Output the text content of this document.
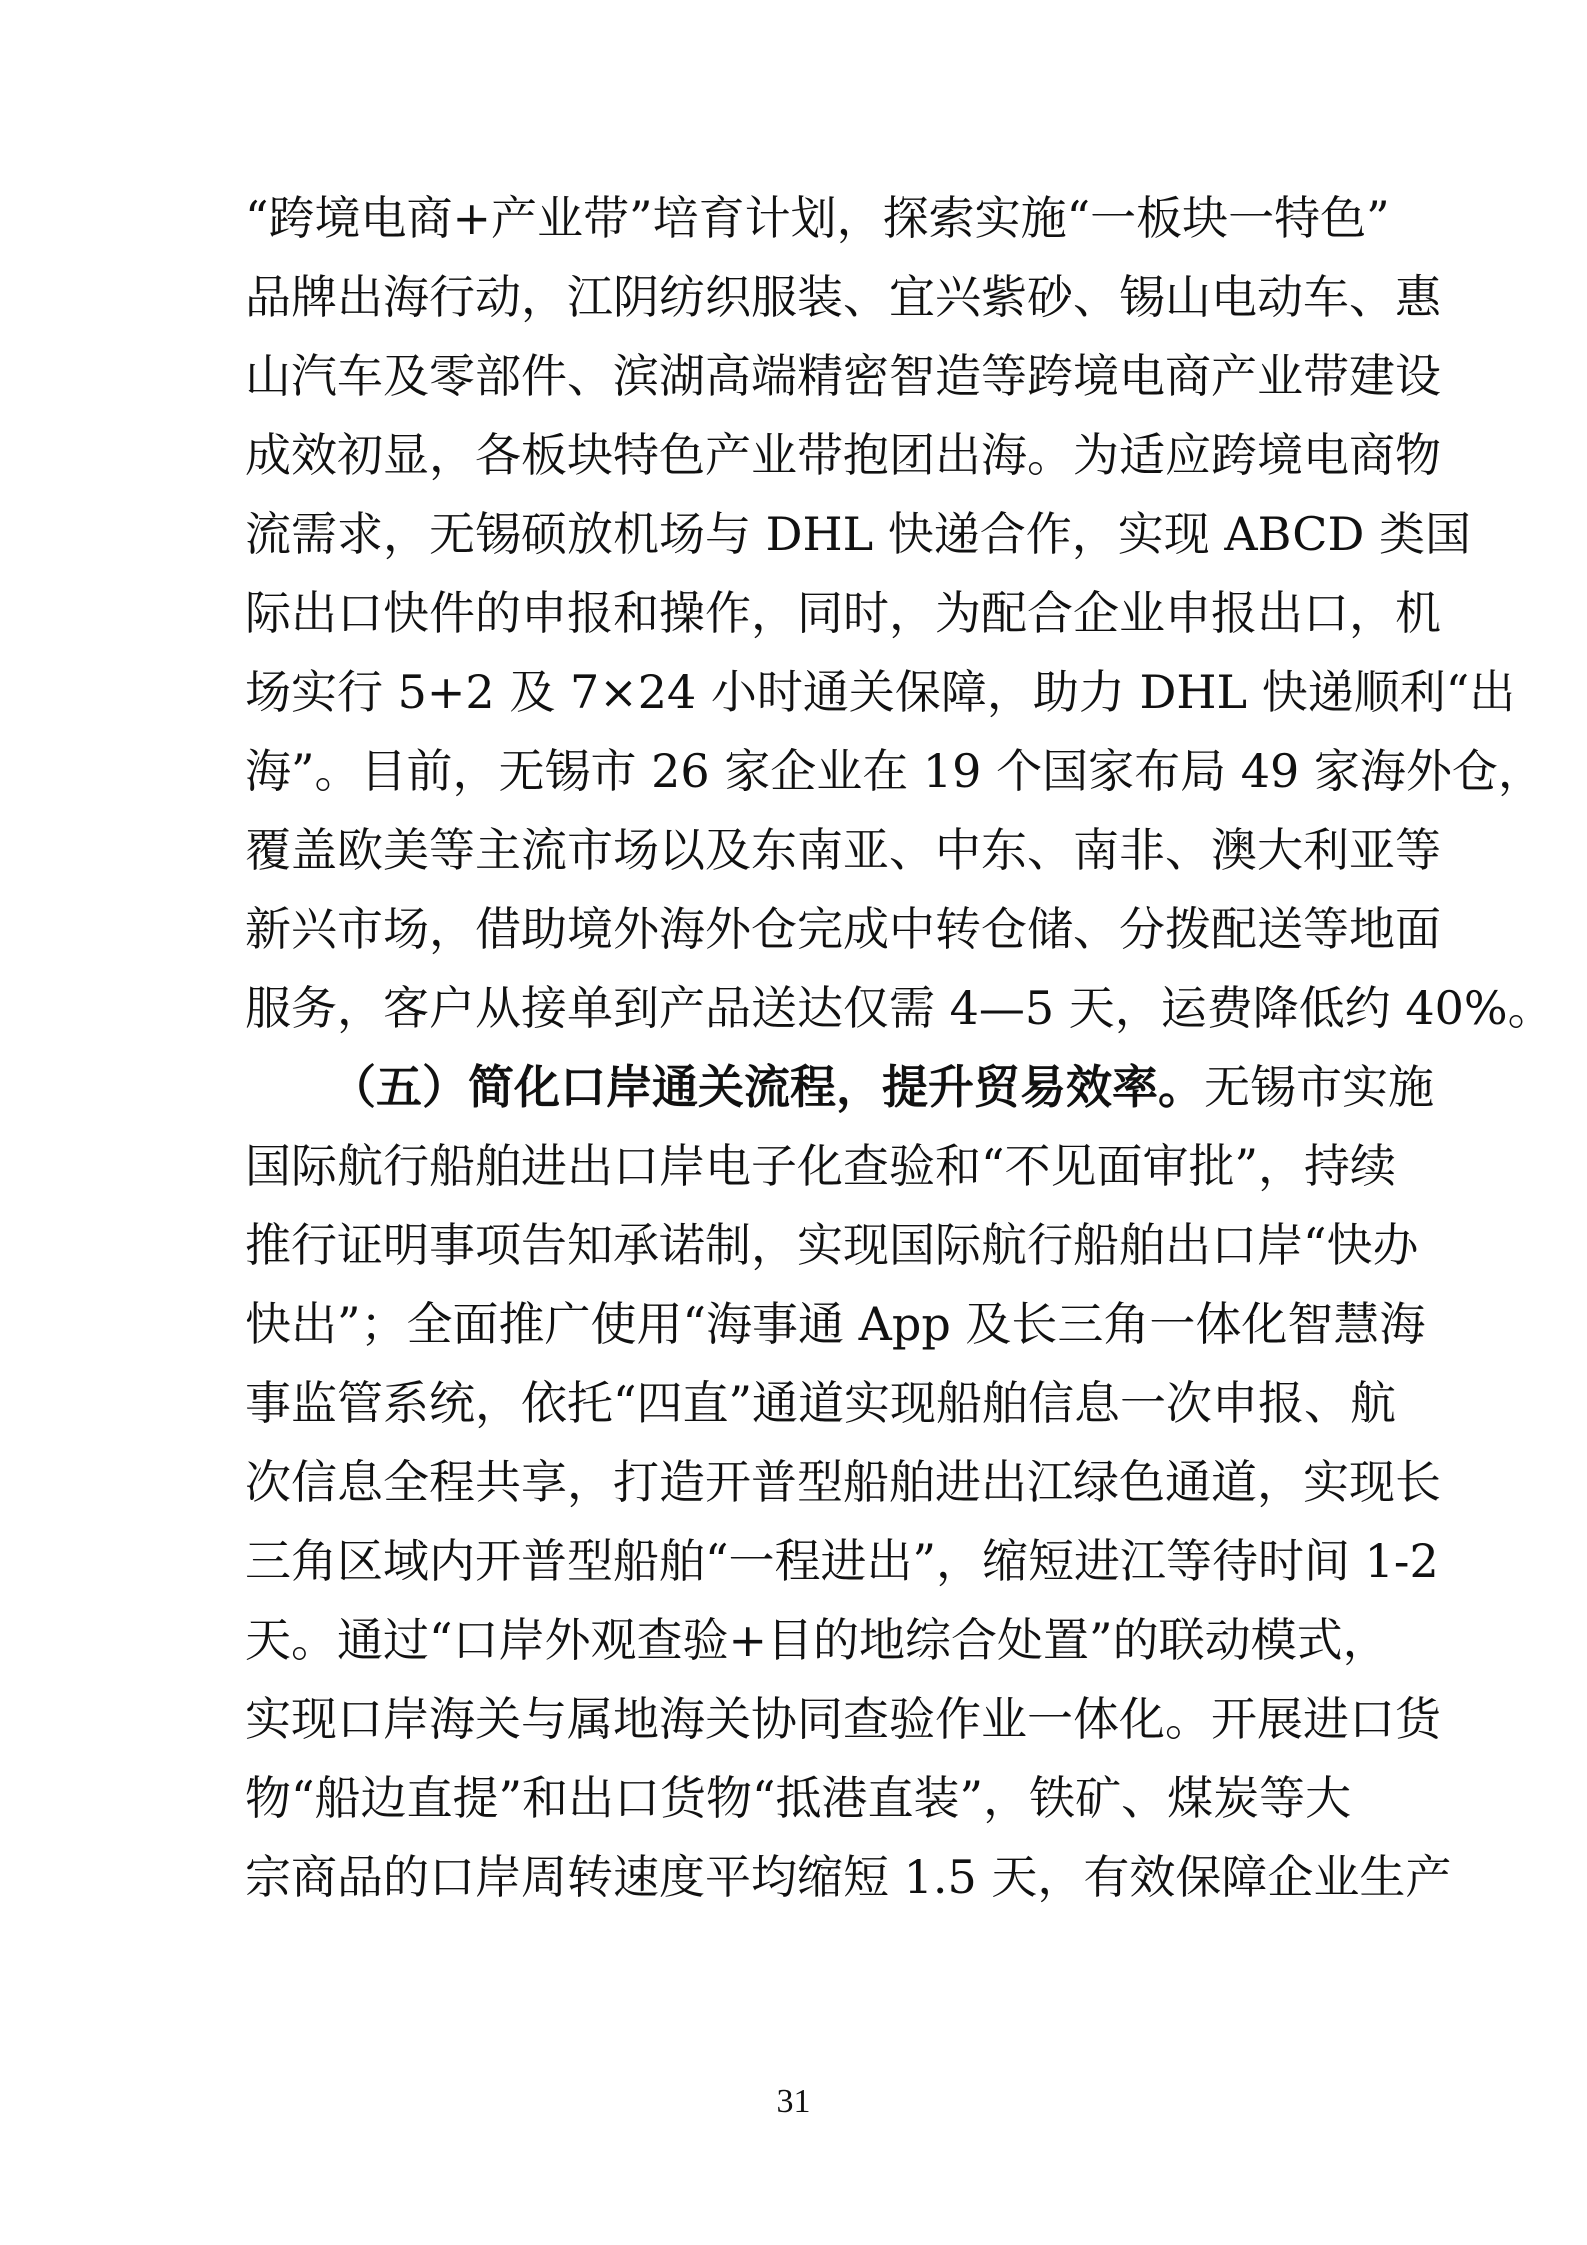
“跨境电商+产业带”培育计划，探索实施“一板块一特色”
品牌出海行动，江阴纺织服装、宜兴紫砂、锡山电动车、惠
山汽车及零部件、滨湖高端精密智造等跨境电商产业带建设
成效初显，各板块特色产业带抱团出海。为适应跨境电商物
流需求，无锡硕放机场与 DHL 快递合作，实现 ABCD 类国
际出口快件的申报和操作，同时，为配合企业申报出口，机
场实行 5+2 及 7×24 小时通关保障，助力 DHL 快递顺利“出
海”。目前，无锡市 26 家企业在 19 个国家布局 49 家海外仓，
覆盖欧美等主流市场以及东南亚、中东、南非、澳大利亚等
新兴市场，借助境外海外仓完成中转仓储、分拨配送等地面
服务，客户从接单到产品送达仅需 4—5 天，运费降低约 40%。
（五）简化口岸通关流程，提升贸易效率。无锡市实施
国际航行船舶进出口岸电子化查验和“不见面审批”，持续
推行证明事项告知承诺制，实现国际航行船舶出口岸“快办
快出”；全面推广使用“海事通 App 及长三角一体化智慧海
事监管系统，依托“四直”通道实现船舶信息一次申报、航
次信息全程共享，打造开普型船舶进出江绿色通道，实现长
三角区域内开普型船舶“一程进出”，缩短进江等待时间 1-2
天。通过“口岸外观查验+目的地综合处置”的联动模式，
实现口岸海关与属地海关协同查验作业一体化。开展进口货
物“船边直提”和出口货物“抵港直装”，铁矿、煤炭等大
宗商品的口岸周转速度平均缩短 1.5 天，有效保障企业生产
31
